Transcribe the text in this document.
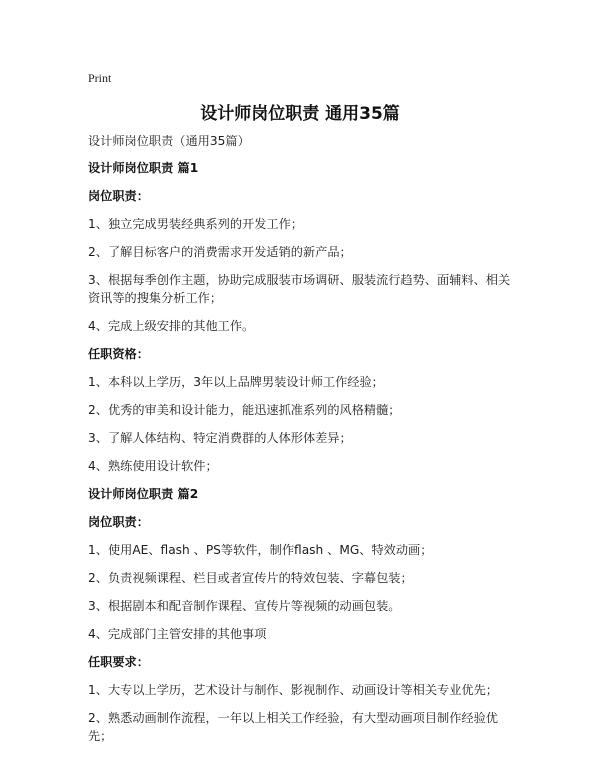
Print
设计师岗位职责 通用35篇
设计师岗位职责（通用35篇）
设计师岗位职责 篇1
岗位职责：
1、独立完成男装经典系列的开发工作；
2、了解目标客户的消费需求开发适销的新产品；
3、根据每季创作主题，协助完成服装市场调研、服装流行趋势、面辅料、相关资讯等的搜集分析工作；
4、完成上级安排的其他工作。
任职资格：
1、本科以上学历，3年以上品牌男装设计师工作经验；
2、优秀的审美和设计能力，能迅速抓准系列的风格精髓；
3、了解人体结构、特定消费群的人体形体差异；
4、熟练使用设计软件；
设计师岗位职责 篇2
岗位职责：
1、使用AE、flash 、PS等软件，制作flash 、MG、特效动画；
2、负责视频课程、栏目或者宣传片的特效包装、字幕包装；
3、根据剧本和配音制作课程、宣传片等视频的动画包装。
4、完成部门主管安排的其他事项
任职要求：
1、大专以上学历，艺术设计与制作、影视制作、动画设计等相关专业优先；
2、熟悉动画制作流程，一年以上相关工作经验，有大型动画项目制作经验优先；
